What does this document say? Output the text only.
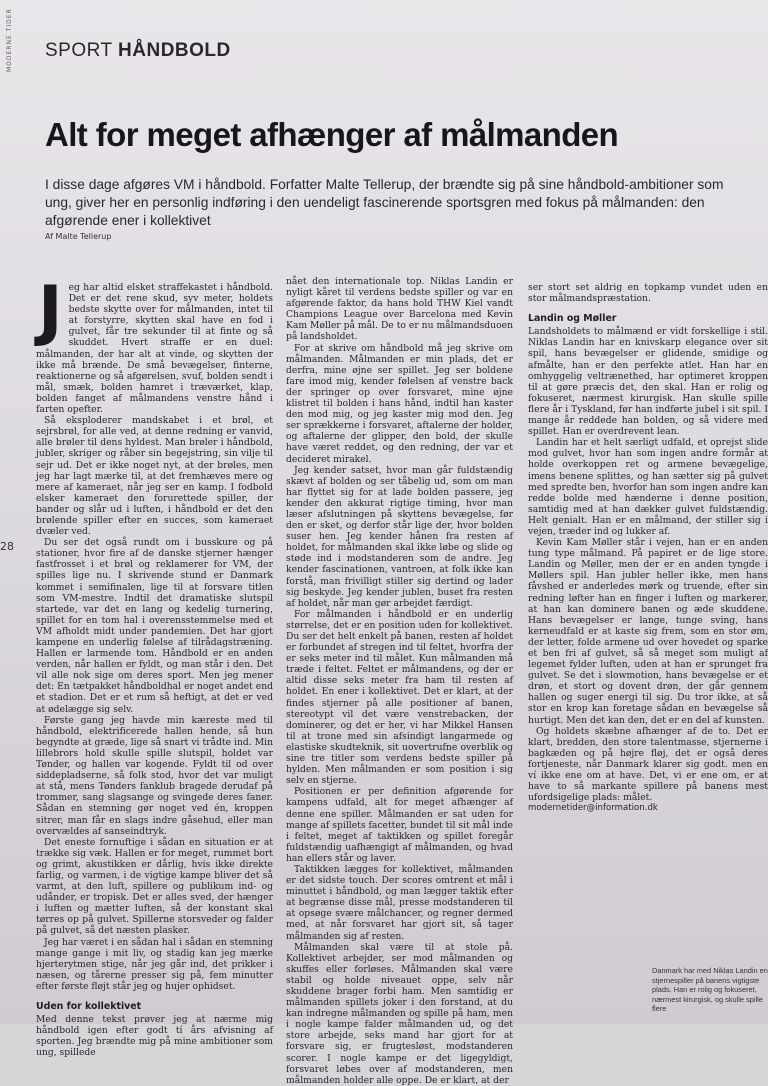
SPORT HÅNDBOLD
MODERNE TIDER
28
Alt for meget afhænger af målmanden
I disse dage afgøres VM i håndbold. Forfatter Malte Tellerup, der brændte sig på sine håndbold-ambitioner som ung, giver her en personlig indføring i den uendeligt fascinerende sportsgren med fokus på målmanden: den afgørende ener i kollektivet
Af Malte Tellerup
J eg har altid elsket straffekastet i håndbold. Det er det rene skud, syv meter, holdets bedste skytte over for målmanden, intet til at forstyrre, skytten skal have en fod i gulvet, får tre sekunder til at finte og så skuddet. Hvert straffe er en duel: målmanden, der har alt at vinde, og skytten der ikke må brænde. De små bevægelser, finterne, reaktionerne og så afgørelsen, svuf, bolden sendt i mål, smæk, bolden hamret i træværket, klap, bolden fanget af målmandens venstre hånd i farten opefter.

Så eksploderer mandskabet i et brøl, et sejrsbrøl, for alle ved, at denne redning er vanvid, alle brøler til dens hyldest. Man brøler i håndbold, jubler, skriger og råber sin begejstring, sin vilje til sejr ud. Det er ikke noget nyt, at der brøles, men jeg har lagt mærke til, at det fremhæves mere og mere af kameraet, når jeg ser en kamp. I fodbold elsker kameraet den forurettede spiller, der bander og slår ud i luften, i håndbold er det den brølende spiller efter en succes, som kameraet dvæler ved.

Du ser det også rundt om i busskure og på stationer, hvor fire af de danske stjerner hænger fastfrosset i et brøl og reklamerer for VM, der spilles lige nu. I skrivende stund er Danmark kommet i semifinalen, lige til at forsvare titlen som VM-mestre. Indtil det dramatiske slutspil startede, var det en lang og kedelig turnering, spillet for en tom hal i overensstemmelse med et VM afholdt midt under pandemien. Det har gjort kampene en underlig følelse af tilrådagstræning. Hallen er larmende tom. Håndbold er en anden verden, når hallen er fyldt, og man står i den. Det vil alle nok sige om deres sport. Men jeg mener det: En tætpakket håndboldhal er noget andet end et stadion. Det er et rum så heftigt, at det er ved at ødelægge sig selv.

Første gang jeg havde min kæreste med til håndbold, elektrificerede hallen hende, så hun begyndte at græde, lige så snart vi trådte ind. Min lillebrors hold skulle spille slutspil, holdet var Tønder, og hallen var kogende. Fyldt til od over siddepladserne, så folk stod, hvor det var muligt at stå, mens Tønders fanklub bragede derudaf på trommer, sang slagsange og svingede deres faner. Sådan en stemning gør noget ved én, kroppen sitrer, man får en slags indre gåsehud, eller man overvældes af sanseindtryk.

Det eneste fornuftige i sådan en situation er at trække sig væk. Hallen er for meget, rummet bort og grimt, akustikken er dårlig, hvis ikke direkte farlig, og varmen, i de vigtige kampe bliver det så varmt, at den luft, spillere og publikum ind- og udånder, er tropisk. Det er alles sved, der hænger i luften og mætter luften, så der konstant skal tørres op på gulvet. Spillerne storsveder og falder på gulvet, så det næsten plasker.

Jeg har været i en sådan hal i sådan en stemning mange gange i mit liv, og stadig kan jeg mærke hjerterytmen stige, når jeg går ind, det prikker i næsen, og tårerne presser sig på, fem minutter efter første fløjt står jeg og hujer ophidset.

Uden for kollektivet

Med denne tekst prøver jeg at nærme mig håndbold igen efter godt tí års afvisning af sporten. Jeg brændte mig på mine ambitioner som ung, spillede

nået den internationale top. Niklas Landin er nyligt kåret til verdens bedste spiller og var en afgørende faktor, da hans hold THW Kiel vandt Champions League over Barcelona med Kevin Kam Møller på mål. De to er nu målmandsduoen på landsholdet.

For at skrive om håndbold må jeg skrive om målmanden. Målmanden er min plads, det er derfra, mine øjne ser spillet. Jeg ser boldene fare imod mig, kender følelsen af venstre back der springer op over forsvaret, mine øjne klistret til bolden i hans hånd, indtil han kaster den mod mig, og jeg kaster mig mod den. Jeg ser sprækkerne i forsvaret, aftalerne der holder, og aftalerne der glipper, den bold, der skulle have været reddet, og den redning, der var et decideret mirakel.

Jeg kender satset, hvor man går fuldstændig skævt af bolden og ser tåbelig ud, som om man har flyttet sig for at lade bolden passere, jeg kender den akkurat rigtige timing, hvor man læser afslutningen på skyttens bevægelse, før den er sket, og derfor står lige der, hvor bolden suser hen. Jeg kender hånen fra resten af holdet, for målmanden skal ikke løbe og slide og støde ind i modstanderen som de andre. Jeg kender fascinationen, vantroen, at folk ikke kan forstå, man frivilligt stiller sig dertind og lader sig beskyde. Jeg kender jublen, buset fra resten af holdet, når man gør arbejdet færdigt.

For målmanden i håndbold er en underlig størrelse, det er en position uden for kollektivet. Du ser det helt enkelt på banen, resten af holdet er forbundet af stregen ind til feltet, hvorfra der er seks meter ind til målet. Kun målmanden må træde i feltet. Feltet er målmandens, og der er altid disse seks meter fra ham til resten af holdet. En ener i kollektivet. Det er klart, at der findes stjerner på alle positioner af banen, stereotypt vil det være venstrebacken, der dominerer, og det er her, vi har Mikkel Hansen til at trone med sin afsindigt langarmede og elastiske skudteknik, sit uovertrufne overblik og sine tre titler som verdens bedste spiller på hylden. Men målmanden er som position i sig selv en stjerne.

Positionen er per definition afgørende for kampens udfald, alt for meget afhænger af denne ene spiller. Målmanden er sat uden for mange af spillets facetter, bundet til sit mål inde i feltet, meget af taktikken og spillet foregår fuldstændig uafhængigt af målmanden, og hvad han ellers står og laver.

Taktikken lægges for kollektivet, målmanden er det sidste touch. Der scores omtrent et mål i minuttet i håndbold, og man lægger taktik efter at begrænse disse mål, presse modstanderen til at opsøge svære målchancer, og regner dermed med, at når forsvaret har gjort sit, så tager målmanden sig af resten.

Målmanden skal være til at stole på. Kollektivet arbejder, ser mod målmanden og skuffes eller forløses. Målmanden skal være stabil og holde niveauet oppe, selv når skuddene brager forbi ham. Men samtidig er målmanden spillets joker i den forstand, at du kan indregne målmanden og spille på ham, men i nogle kampe falder målmanden ud, og det store arbejde, seks mand har gjort for at forsvare sig, er frugtesløst, modstanderen scorer. I nogle kampe er det ligegyldigt, forsvaret løbes over af modstanderen, men målmanden holder alle oppe. De er klart, at der

ser stort set aldrig en topkamp vundet uden en stor målmandspræstation.

Landin og Møller

Landsholdets to målmænd er vidt forskellige i stil. Niklas Landin har en knivskarp elegance over sit spil, hans bevægelser er glidende, smidige og afmålte, han er den perfekte atlet. Han har en omhyggelig veltrænethed, har optimeret kroppen til at gøre præcis det, den skal. Han er rolig og fokuseret, nærmest kirurgisk. Han skulle spille flere år i Tyskland, før han indførte jubel i sit spil. I mange år reddede han bolden, og så videre med spillet. Han er overdrevent lean.

Landin har et helt særligt udfald, et oprejst slide mod gulvet, hvor han som ingen andre formår at holde overkoppen ret og armene bevægelige, imens benene splittes, og han sætter sig på gulvet med spredte ben, hvorfor han som ingen andre kan redde bolde med hænderne i denne position, samtidig med at han dækker gulvet fuldstændig. Helt genialt. Han er en målmand, der stiller sig i vejen, træder ind og lukker af.

Kevin Kam Møller står i vejen, han er en anden tung type målmand. På papiret er de lige store. Landin og Møller, men der er en anden tyngde i Møllers spil. Han jubler heller ikke, men hans fåvshed er anderledes mørk og truende, efter sin redning løfter han en finger i luften og markerer, at han kan dominere banen og æde skuddene. Hans bevægelser er lange, tunge sving, hans kerneudfald er at kaste sig frem, som en stor øm, der letter, folde armene ud over hovedet og sparke et ben fri af gulvet, så så meget som muligt af legemet fylder luften, uden at han er sprunget fra gulvet. Se det i slowmotion, hans bevægelse er et drøn, et stort og dovent drøn, der går gennem hallen og suger energi til sig. Du tror ikke, at så stor en krop kan foretage sådan en bevægelse så hurtigt. Men det kan den, det er en del af kunsten.

Og holdets skæbne afhænger af de to. Det er klart, bredden, den store talentmasse, stjernerne i bagkæden og på højre fløj, det er også deres fortjeneste, når Danmark klarer sig godt. men en ví ikke ene om at have. Det, vi er ene om, er at have to så markante spillere på banens mest ufordsigelige plads: målet.

modernetider@information.dk

Danmark har med Niklas Landin en stjernespiller på banens vigtigste plads. Han er rolig og fokuseret, nærmest kirurgisk, og skulle spille flere
